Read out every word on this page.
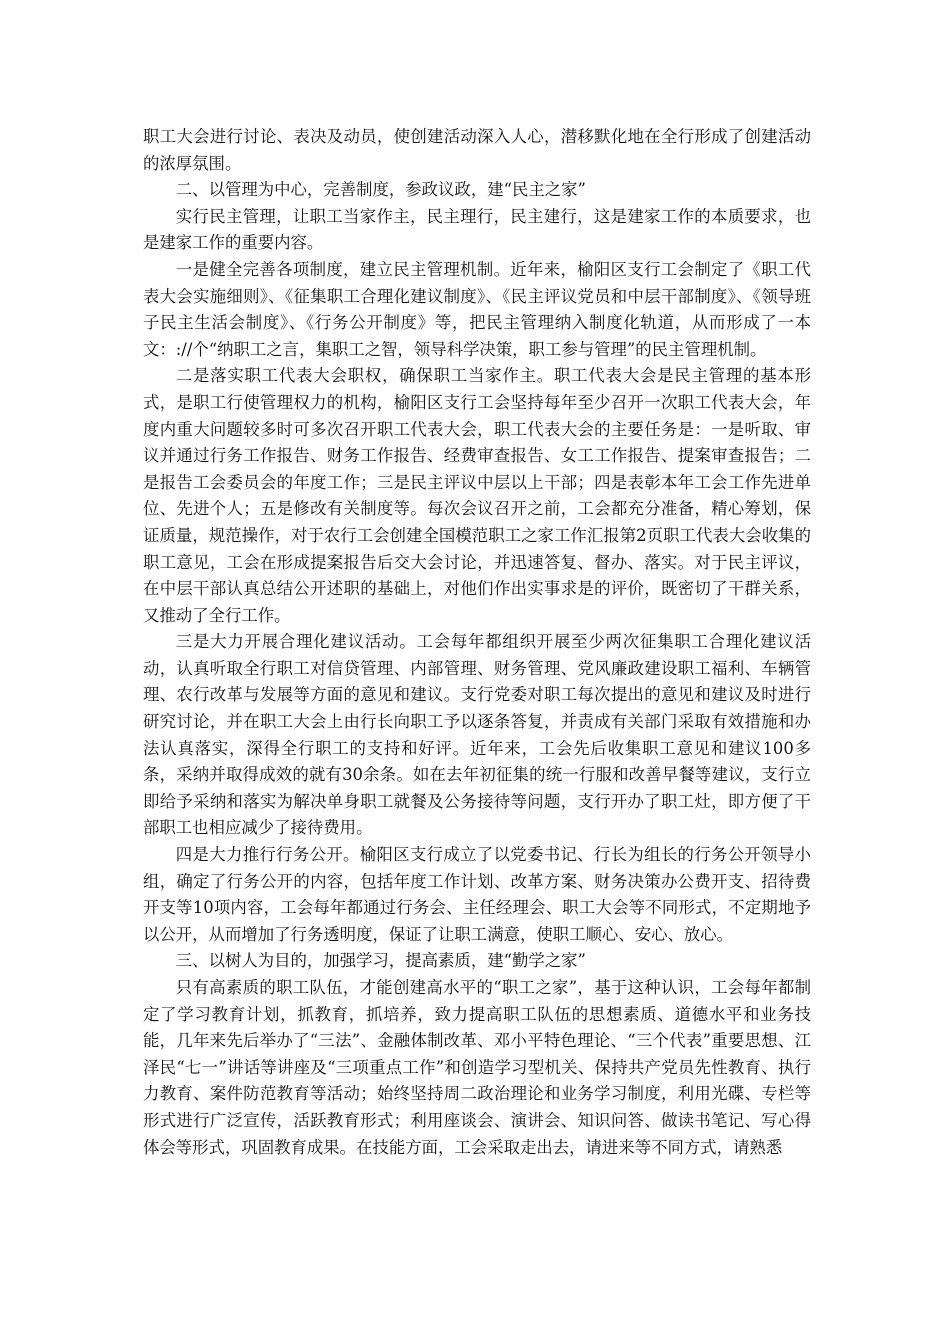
职工大会进行讨论、表决及动员，使创建活动深入人心，潜移默化地在全行形成了创建活动的浓厚氛围。

二、以管理为中心，完善制度，参政议政，建“民主之家”

实行民主管理，让职工当家作主，民主理行，民主建行，这是建家工作的本质要求，也是建家工作的重要内容。

一是健全完善各项制度，建立民主管理机制。近年来，榆阳区支行工会制定了《职工代表大会实施细则》、《征集职工合理化建议制度》、《民主评议党员和中层干部制度》、《领导班子民主生活会制度》、《行务公开制度》等，把民主管理纳入制度化轨道，从而形成了一本文：://个“纳职工之言，集职工之智，领导科学决策，职工参与管理”的民主管理机制。

二是落实职工代表大会职权，确保职工当家作主。职工代表大会是民主管理的基本形式，是职工行使管理权力的机构，榆阳区支行工会坚持每年至少召开一次职工代表大会，年度内重大问题较多时可多次召开职工代表大会，职工代表大会的主要任务是：一是听取、审议并通过行务工作报告、财务工作报告、经费审查报告、女工工作报告、提案审查报告；二是报告工会委员会的年度工作；三是民主评议中层以上干部；四是表彰本年工会工作先进单位、先进个人；五是修改有关制度等。每次会议召开之前，工会都充分准备，精心筹划，保证质量，规范操作，对于农行工会创建全国模范职工之家工作汇报第2页职工代表大会收集的职工意见，工会在形成提案报告后交大会讨论，并迅速答复、督办、落实。对于民主评议，在中层干部认真总结公开述职的基础上，对他们作出实事求是的评价，既密切了干群关系，又推动了全行工作。

三是大力开展合理化建议活动。工会每年都组织开展至少两次征集职工合理化建议活动，认真听取全行职工对信贷管理、内部管理、财务管理、党风廉政建设职工福利、车辆管理、农行改革与发展等方面的意见和建议。支行党委对职工每次提出的意见和建议及时进行研究讨论，并在职工大会上由行长向职工予以逐条答复，并责成有关部门采取有效措施和办法认真落实，深得全行职工的支持和好评。近年来，工会先后收集职工意见和建议100多条，采纳并取得成效的就有30余条。如在去年初征集的统一行服和改善早餐等建议，支行立即给予采纳和落实为解决单身职工就餐及公务接待等问题，支行开办了职工灶，即方便了干部职工也相应减少了接待费用。

四是大力推行行务公开。榆阳区支行成立了以党委书记、行长为组长的行务公开领导小组，确定了行务公开的内容，包括年度工作计划、改革方案、财务决策办公费开支、招待费开支等10项内容，工会每年都通过行务会、主任经理会、职工大会等不同形式，不定期地予以公开，从而增加了行务透明度，保证了让职工满意，使职工顺心、安心、放心。

三、以树人为目的，加强学习，提高素质，建“勤学之家”

只有高素质的职工队伍，才能创建高水平的“职工之家”，基于这种认识，工会每年都制定了学习教育计划，抓教育，抓培养，致力提高职工队伍的思想素质、道德水平和业务技能，几年来先后举办了“三法”、金融体制改革、邓小平特色理论、“三个代表”重要思想、江泽民“七一”讲话等讲座及“三项重点工作”和创造学习型机关、保持共产党员先性教育、执行力教育、案件防范教育等活动；始终坚持周二政治理论和业务学习制度，利用光碟、专栏等形式进行广泛宣传，活跃教育形式；利用座谈会、演讲会、知识问答、做读书笔记、写心得体会等形式，巩固教育成果。在技能方面，工会采取走出去，请进来等不同方式，请熟悉
